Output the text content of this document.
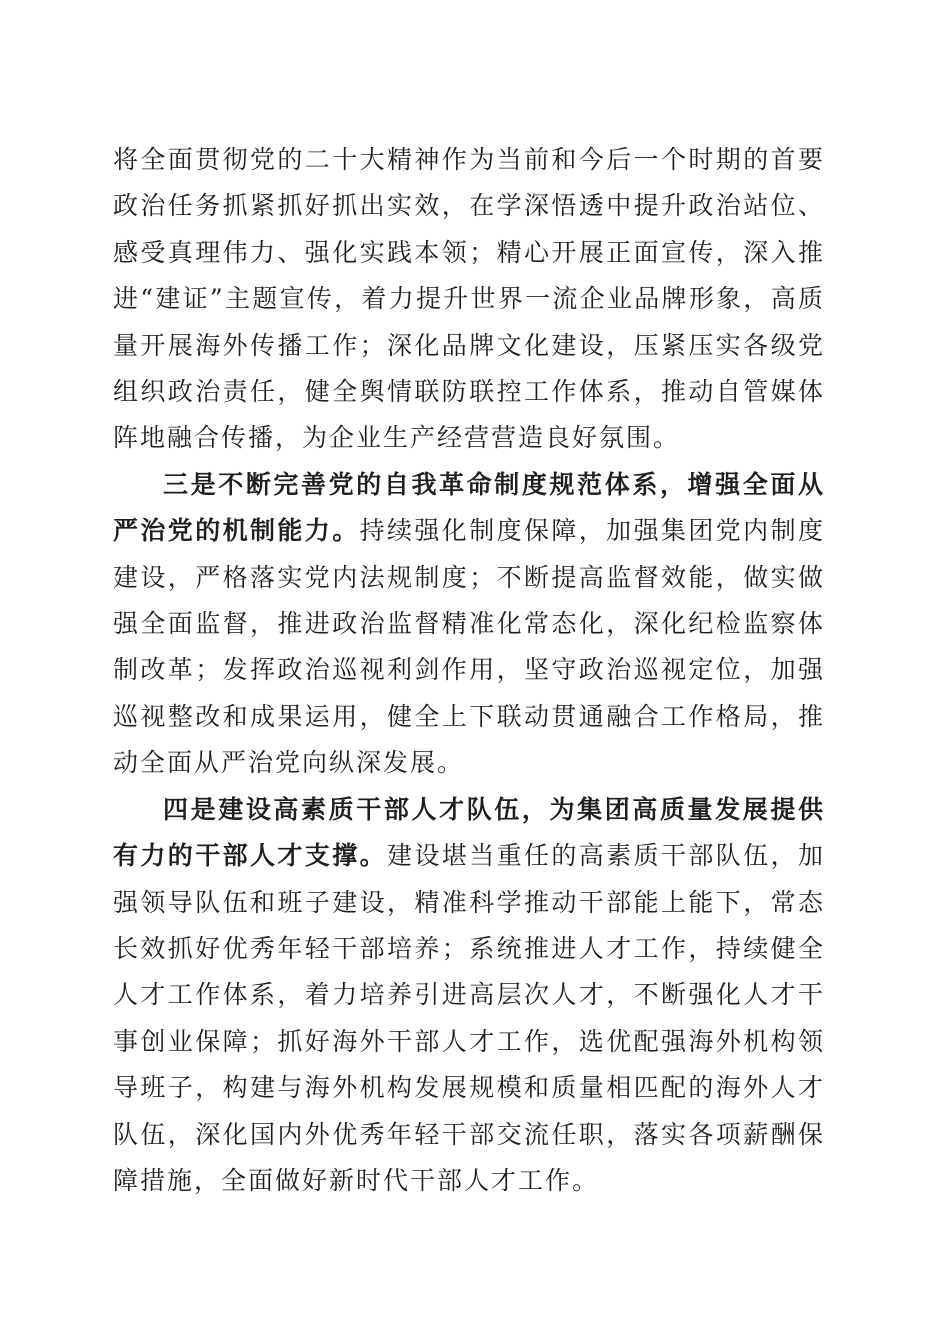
将全面贯彻党的二十大精神作为当前和今后一个时期的首要政治任务抓紧抓好抓出实效，在学深悟透中提升政治站位、感受真理伟力、强化实践本领；精心开展正面宣传，深入推进“建证”主题宣传，着力提升世界一流企业品牌形象，高质量开展海外传播工作；深化品牌文化建设，压紧压实各级党组织政治责任，健全舆情联防联控工作体系，推动自管媒体阵地融合传播，为企业生产经营营造良好氛围。

三是不断完善党的自我革命制度规范体系，增强全面从严治党的机制能力。持续强化制度保障，加强集团党内制度建设，严格落实党内法规制度；不断提高监督效能，做实做强全面监督，推进政治监督精准化常态化，深化纪检监察体制改革；发挥政治巡视利剑作用，坚守政治巡视定位，加强巡视整改和成果运用，健全上下联动贯通融合工作格局，推动全面从严治党向纵深发展。

四是建设高素质干部人才队伍，为集团高质量发展提供有力的干部人才支撑。建设堪当重任的高素质干部队伍，加强领导队伍和班子建设，精准科学推动干部能上能下，常态长效抓好优秀年轻干部培养；系统推进人才工作，持续健全人才工作体系，着力培养引进高层次人才，不断强化人才干事创业保障；抓好海外干部人才工作，选优配强海外机构领导班子，构建与海外机构发展规模和质量相匹配的海外人才队伍，深化国内外优秀年轻干部交流任职，落实各项薪酬保障措施，全面做好新时代干部人才工作。
